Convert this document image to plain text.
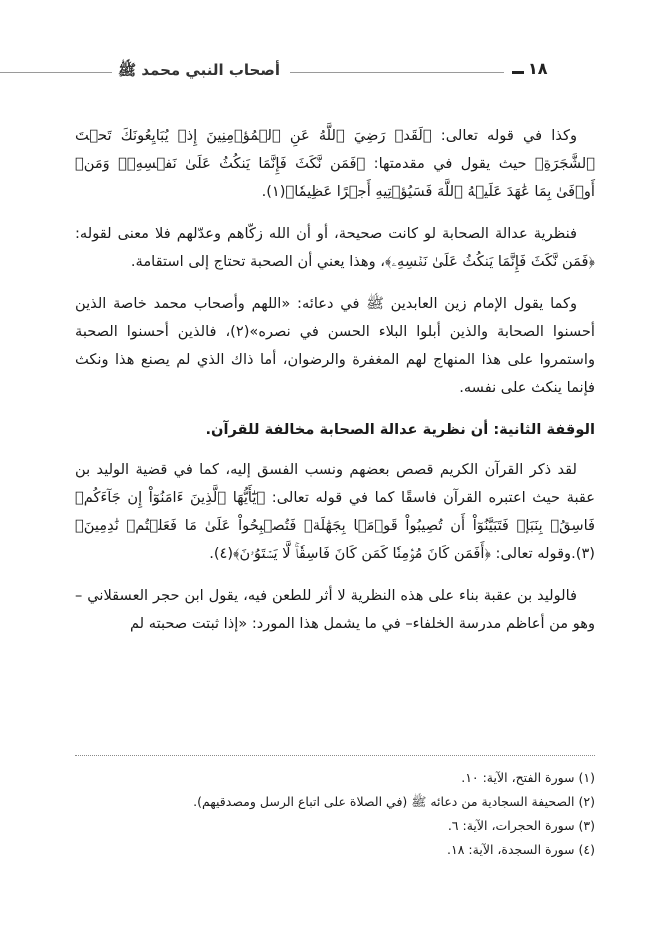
أصحاب النبي محمد ﷺ	١٨

وكذا في قوله تعالى: ﴿لَقَدۡ رَضِيَ ٱللَّهُ عَنِ ٱلۡمُؤۡمِنِينَ إِذۡ يُبَايِعُونَكَ تَحۡتَ ٱلشَّجَرَةِ﴾ حيث يقول في مقدمتها: ﴿فَمَن نَّكَثَ فَإِنَّمَا يَنكُثُ عَلَىٰ نَفۡسِهِۦۖ وَمَنۡ أَوۡفَىٰ بِمَا عَٰهَدَ عَلَيۡهُ ٱللَّهَ فَسَيُؤۡتِيهِ أَجۡرًا عَظِيمٗا﴾(١).

فنظرية عدالة الصحابة لو كانت صحيحة، أو أن الله زكّاهم وعدّلهم فلا معنى لقوله:﴿فَمَن نَّكَثَ فَإِنَّمَا يَنكُثُ عَلَىٰ نَفۡسِهِۦ﴾، وهذا يعني أن الصحبة تحتاج إلى استقامة.

وكما يقول الإمام زين العابدين ﷺ في دعائه: «اللهم وأصحاب محمد خاصة الذين أحسنوا الصحابة والذين أبلوا البلاء الحسن في نصره»(٢)، فالذين أحسنوا الصحبة واستمروا على هذا المنهاج لهم المغفرة والرضوان، أما ذاك الذي لم يصنع هذا ونكث فإنما ينكث على نفسه.

الوقفة الثانية: أن نظرية عدالة الصحابة مخالفة للقرآن.

لقد ذكر القرآن الكريم قصص بعضهم ونسب الفسق إليه، كما في قضية الوليد بن عقبة حيث اعتبره القرآن فاسقًا كما في قوله تعالى: ﴿يَٰٓأَيُّهَا ٱلَّذِينَ ءَامَنُوٓاْ إِن جَآءَكُمۡ فَاسِقُۢ بِنَبَإٖ فَتَبَيَّنُوٓاْ أَن تُصِيبُواْ قَوۡمَۢا بِجَهَٰلَةٖ فَتُصۡبِحُواْ عَلَىٰ مَا فَعَلۡتُمۡ نَٰدِمِينَ﴾(٣).وقوله تعالى: ﴿أَفَمَن كَانَ مُؤۡمِنٗا كَمَن كَانَ فَاسِقٗاۚ لَّا يَسۡتَوُۥنَ﴾(٤).

فالوليد بن عقبة بناء على هذه النظرية لا أثر للطعن فيه، يقول ابن حجر العسقلاني –وهو من أعاظم مدرسة الخلفاء– في ما يشمل هذا المورد: «إذا ثبتت صحبته لم

(١) سورة الفتح، الآية: ١٠.
(٢) الصحيفة السجادية من دعائه ﷺ (في الصلاة على اتباع الرسل ومصدقيهم).
(٣) سورة الحجرات، الآية: ٦.
(٤) سورة السجدة، الآية: ١٨.
